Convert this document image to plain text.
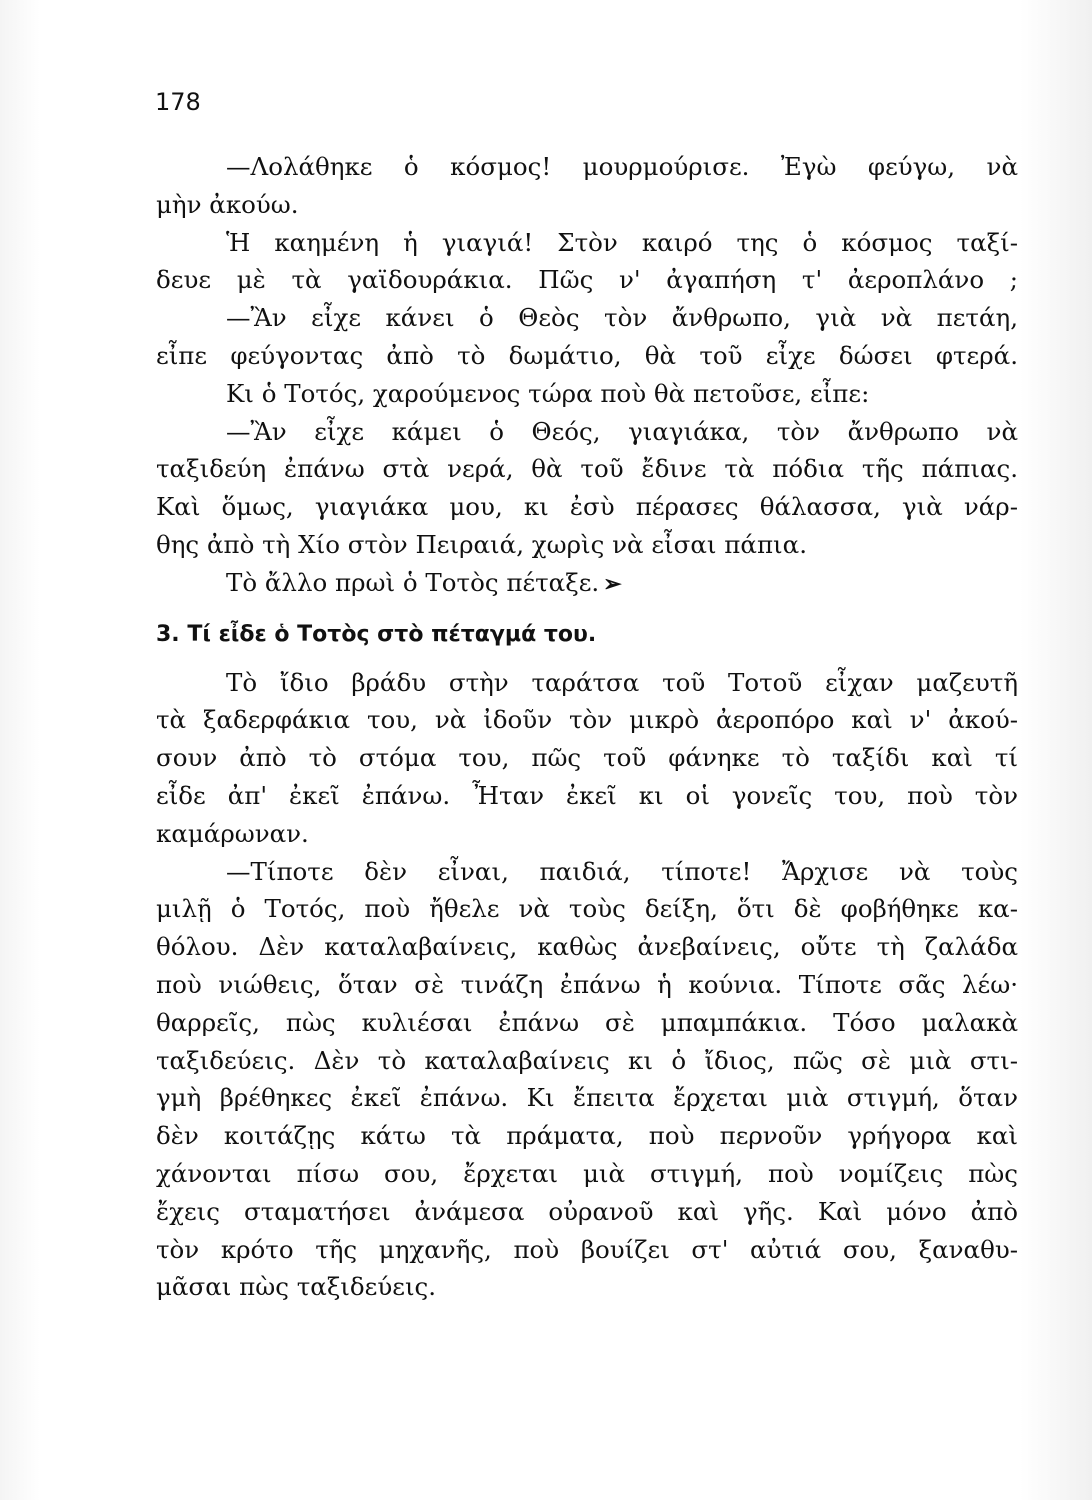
178
—Λολάθηκε ὁ κόσμος! μουρμούρισε. Ἐγὼ φεύγω, νὰ
μὴν ἀκούω.
Ἡ καημένη ἡ γιαγιά! Στὸν καιρό της ὁ κόσμος ταξί-
δευε μὲ τὰ γαϊδουράκια. Πῶς ν' ἀγαπήση τ' ἀεροπλάνο ;
—Ἂν εἶχε κάνει ὁ Θεὸς τὸν ἄνθρωπο, γιὰ νὰ πετάη,
εἶπε φεύγοντας ἀπὸ τὸ δωμάτιο, θὰ τοῦ εἶχε δώσει φτερά.
Κι ὁ Τοτός, χαρούμενος τώρα ποὺ θὰ πετοῦσε, εἶπε:
—Ἂν εἶχε κάμει ὁ Θεός, γιαγιάκα, τὸν ἄνθρωπο νὰ
ταξιδεύη ἐπάνω στὰ νερά, θὰ τοῦ ἔδινε τὰ πόδια τῆς πάπιας.
Καὶ ὅμως, γιαγιάκα μου, κι ἐσὺ πέρασες θάλασσα, γιὰ νάρ-
θης ἀπὸ τὴ Χίο στὸν Πειραιά, χωρὶς νὰ εἶσαι πάπια.
Τὸ ἄλλο πρωὶ ὁ Τοτὸς πέταξε. ➢
3. Τί εἶδε ὁ Τοτὸς στὸ πέταγμά του.
Τὸ ἴδιο βράδυ στὴν ταράτσα τοῦ Τοτοῦ εἶχαν μαζευτῆ
τὰ ξαδερφάκια του, νὰ ἰδοῦν τὸν μικρὸ ἀεροπόρο καὶ ν' ἀκού-
σουν ἀπὸ τὸ στόμα του, πῶς τοῦ φάνηκε τὸ ταξίδι καὶ τί
εἶδε ἀπ' ἐκεῖ ἐπάνω. Ἦταν ἐκεῖ κι οἱ γονεῖς του, ποὺ τὸν
καμάρωναν.
—Τίποτε δὲν εἶναι, παιδιά, τίποτε! Ἄρχισε νὰ τοὺς
μιλῇ ὁ Τοτός, ποὺ ἤθελε νὰ τοὺς δείξη, ὅτι δὲ φοβήθηκε κα-
θόλου. Δὲν καταλαβαίνεις, καθὼς ἀνεβαίνεις, οὔτε τὴ ζαλάδα
ποὺ νιώθεις, ὅταν σὲ τινάζη ἐπάνω ἡ κούνια. Τίποτε σᾶς λέω·
θαρρεῖς, πὼς κυλιέσαι ἐπάνω σὲ μπαμπάκια. Τόσο μαλακὰ
ταξιδεύεις. Δὲν τὸ καταλαβαίνεις κι ὁ ἴδιος, πῶς σὲ μιὰ στι-
γμὴ βρέθηκες ἐκεῖ ἐπάνω. Κι ἔπειτα ἔρχεται μιὰ στιγμή, ὅταν
δὲν κοιτάζῃς κάτω τὰ πράματα, ποὺ περνοῦν γρήγορα καὶ
χάνονται πίσω σου, ἔρχεται μιὰ στιγμή, ποὺ νομίζεις πὼς
ἔχεις σταματήσει ἀνάμεσα οὐρανοῦ καὶ γῆς. Καὶ μόνο ἀπὸ
τὸν κρότο τῆς μηχανῆς, ποὺ βουίζει στ' αὐτιά σου, ξαναθυ-
μᾶσαι πὼς ταξιδεύεις.
